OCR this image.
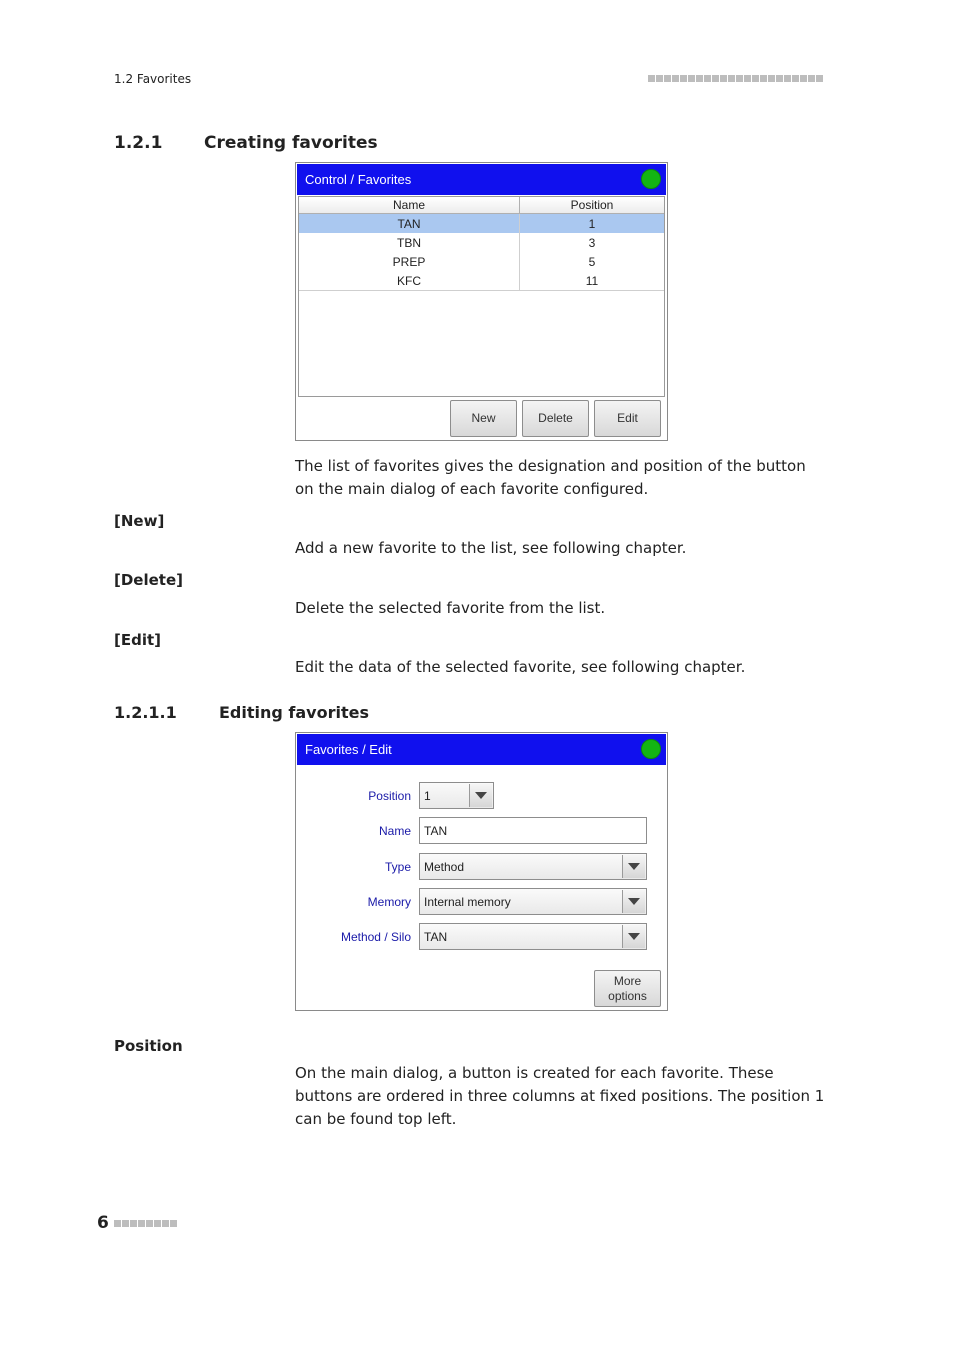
1.2 Favorites
1.2.1 Creating favorites
Control / Favorites
Name	Position
TAN	1
TBN	3
PREP	5
KFC	11
New	Delete	Edit
The list of favorites gives the designation and position of the button on the main dialog of each favorite configured.
[New]
Add a new favorite to the list, see following chapter.
[Delete]
Delete the selected favorite from the list.
[Edit]
Edit the data of the selected favorite, see following chapter.
1.2.1.1	Editing favorites
Favorites / Edit
Position 1
Name TAN
Type Method
Memory Internal memory
Method / Silo TAN
More
options
Position
On the main dialog, a button is created for each favorite. These buttons are ordered in three columns at fixed positions. The position 1 can be found top left.
6
